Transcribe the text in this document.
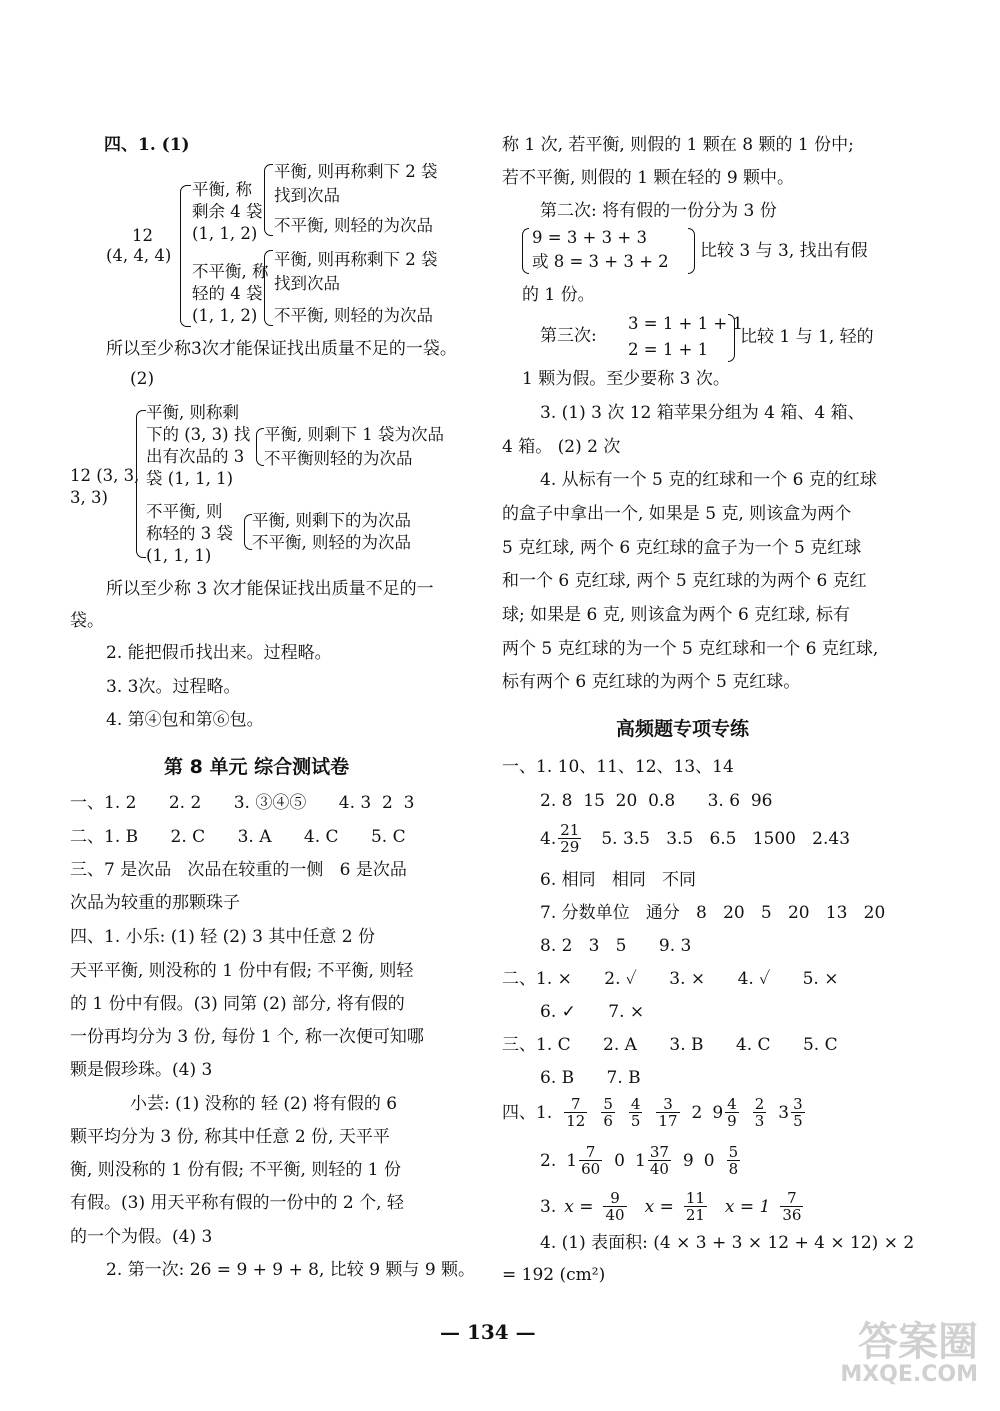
四、1. (1)
12
(4, 4, 4)
平衡, 称
剩余 4 袋
(1, 1, 2)
平衡, 则再称剩下 2 袋
找到次品
不平衡, 则轻的为次品
不平衡, 称
轻的 4 袋
(1, 1, 2)
平衡, 则再称剩下 2 袋
找到次品
不平衡, 则轻的为次品
所以至少称3次才能保证找出质量不足的一袋。
(2)
12 (3, 3,
3, 3)
平衡, 则称剩
下的 (3, 3) 找
出有次品的 3
袋 (1, 1, 1)
平衡, 则剩下 1 袋为次品
不平衡则轻的为次品
不平衡, 则
称轻的 3 袋
(1, 1, 1)
平衡, 则剩下的为次品
不平衡, 则轻的为次品
所以至少称 3 次才能保证找出质量不足的一
袋。
2. 能把假币找出来。过程略。
3. 3次。过程略。
4. 第④包和第⑥包。
第 8 单元 综合测试卷
一、1. 2      2. 2      3. ③④⑤      4. 3  2  3
二、1. B      2. C      3. A      4. C      5. C
三、7 是次品   次品在较重的一侧   6 是次品
次品为较重的那颗珠子
四、1. 小乐: (1) 轻 (2) 3 其中任意 2 份
天平平衡, 则没称的 1 份中有假; 不平衡, 则轻
的 1 份中有假。(3) 同第 (2) 部分, 将有假的
一份再均分为 3 份, 每份 1 个, 称一次便可知哪
颗是假珍珠。(4) 3
小芸: (1) 没称的 轻 (2) 将有假的 6
颗平均分为 3 份, 称其中任意 2 份, 天平平
衡, 则没称的 1 份有假; 不平衡, 则轻的 1 份
有假。(3) 用天平称有假的一份中的 2 个, 轻
的一个为假。(4) 3
2. 第一次: 26 = 9 + 9 + 8, 比较 9 颗与 9 颗。
称 1 次, 若平衡, 则假的 1 颗在 8 颗的 1 份中;
若不平衡, 则假的 1 颗在轻的 9 颗中。
第二次: 将有假的一份分为 3 份
9 = 3 + 3 + 3
或 8 = 3 + 3 + 2
比较 3 与 3, 找出有假
的 1 份。
第三次:
3 = 1 + 1 + 1
2 = 1 + 1
比较 1 与 1, 轻的
1 颗为假。至少要称 3 次。
3. (1) 3 次 12 箱苹果分组为 4 箱、4 箱、
4 箱。 (2) 2 次
4. 从标有一个 5 克的红球和一个 6 克的红球
的盒子中拿出一个, 如果是 5 克, 则该盒为两个
5 克红球, 两个 6 克红球的盒子为一个 5 克红球
和一个 6 克红球, 两个 5 克红球的为两个 6 克红
球; 如果是 6 克, 则该盒为两个 6 克红球, 标有
两个 5 克红球的为一个 5 克红球和一个 6 克红球,
标有两个 6 克红球的为两个 5 克红球。
高频题专项专练
一、1. 10、11、12、13、14
2. 8  15  20  0.8      3. 6  96
4. $\frac{21}{29} 5$. 3.5   3.5   6.5   1500   2.43
6. 相同   相同   不同
7. 分数单位   通分   8   20   5   20   13   20
8. 2   3   5      9. 3
二、1. ×      2. ✓      3. ×      4. ✓      5. ×
6. ✓      7. ×
三、1. C      2. A      3. B      4. C      5. C
6. B      7. B
四、1. $\frac{7}{12} \frac{5}{6} \frac{4}{5} \frac{3}{17} 2$ $9 \frac{4}{9} \frac{2}{3} 3 \frac{3}{5}$
2. $1 \frac{7}{60} 0$ $1 \frac{37}{40} 9$ $0 \frac{5}{8}$
3. $x = \frac{9}{40}$ $x = \frac{11}{21}$ $x = 1 \frac{7}{36}$
4. (1) 表面积: (4 × 3 + 3 × 12 + 4 × 12) × 2
= 192 (cm²)
— 134 —	答案圈
MXQE.COM
